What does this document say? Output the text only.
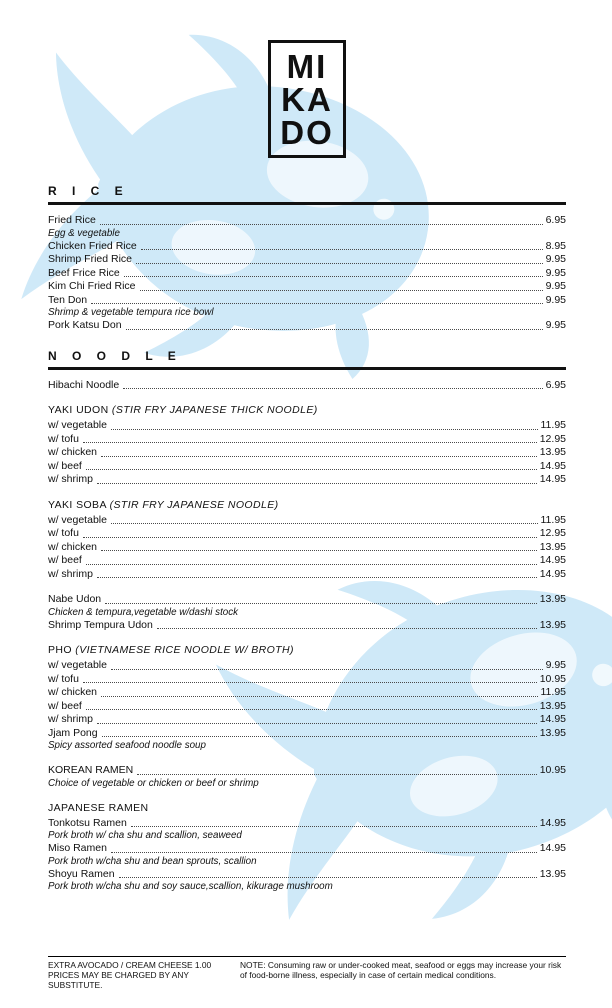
MI
KA
DO
R I C E
Fried Rice	6.95
Egg & vegetable
Chicken Fried Rice	8.95
Shrimp Fried Rice	9.95
Beef Frice Rice	9.95
Kim Chi Fried Rice	9.95
Ten Don	9.95
Shrimp & vegetable tempura rice bowl
Pork Katsu Don	9.95
N O O D L E
Hibachi Noodle	6.95
YAKI UDON (STIR FRY JAPANESE THICK NOODLE)
w/ vegetable	11.95
w/ tofu	12.95
w/ chicken	13.95
w/ beef	14.95
w/ shrimp	14.95
YAKI SOBA (STIR FRY JAPANESE NOODLE)
w/ vegetable	11.95
w/ tofu	12.95
w/ chicken	13.95
w/ beef	14.95
w/ shrimp	14.95
Nabe Udon	13.95
Chicken & tempura,vegetable w/dashi stock
Shrimp Tempura Udon	13.95
PHO (VIETNAMESE RICE NOODLE W/ BROTH)
w/ vegetable	9.95
w/ tofu	10.95
w/ chicken	11.95
w/ beef	13.95
w/ shrimp	14.95
Jjam Pong	13.95
Spicy assorted seafood noodle soup
KOREAN RAMEN	10.95
Choice of vegetable or chicken or beef or shrimp
JAPANESE RAMEN
Tonkotsu Ramen	14.95
Pork broth w/ cha shu and scallion, seaweed
Miso Ramen	14.95
Pork broth w/cha shu and bean sprouts, scallion
Shoyu Ramen	13.95
Pork broth w/cha shu and soy sauce,scallion, kikurage mushroom
EXTRA AVOCADO / CREAM CHEESE 1.00
PRICES MAY BE CHARGED BY ANY SUBSTITUTE.
NOTE: Consuming raw or under-cooked meat, seafood or eggs may increase your risk of food-borne illness, especially in case of certain medical conditions.
